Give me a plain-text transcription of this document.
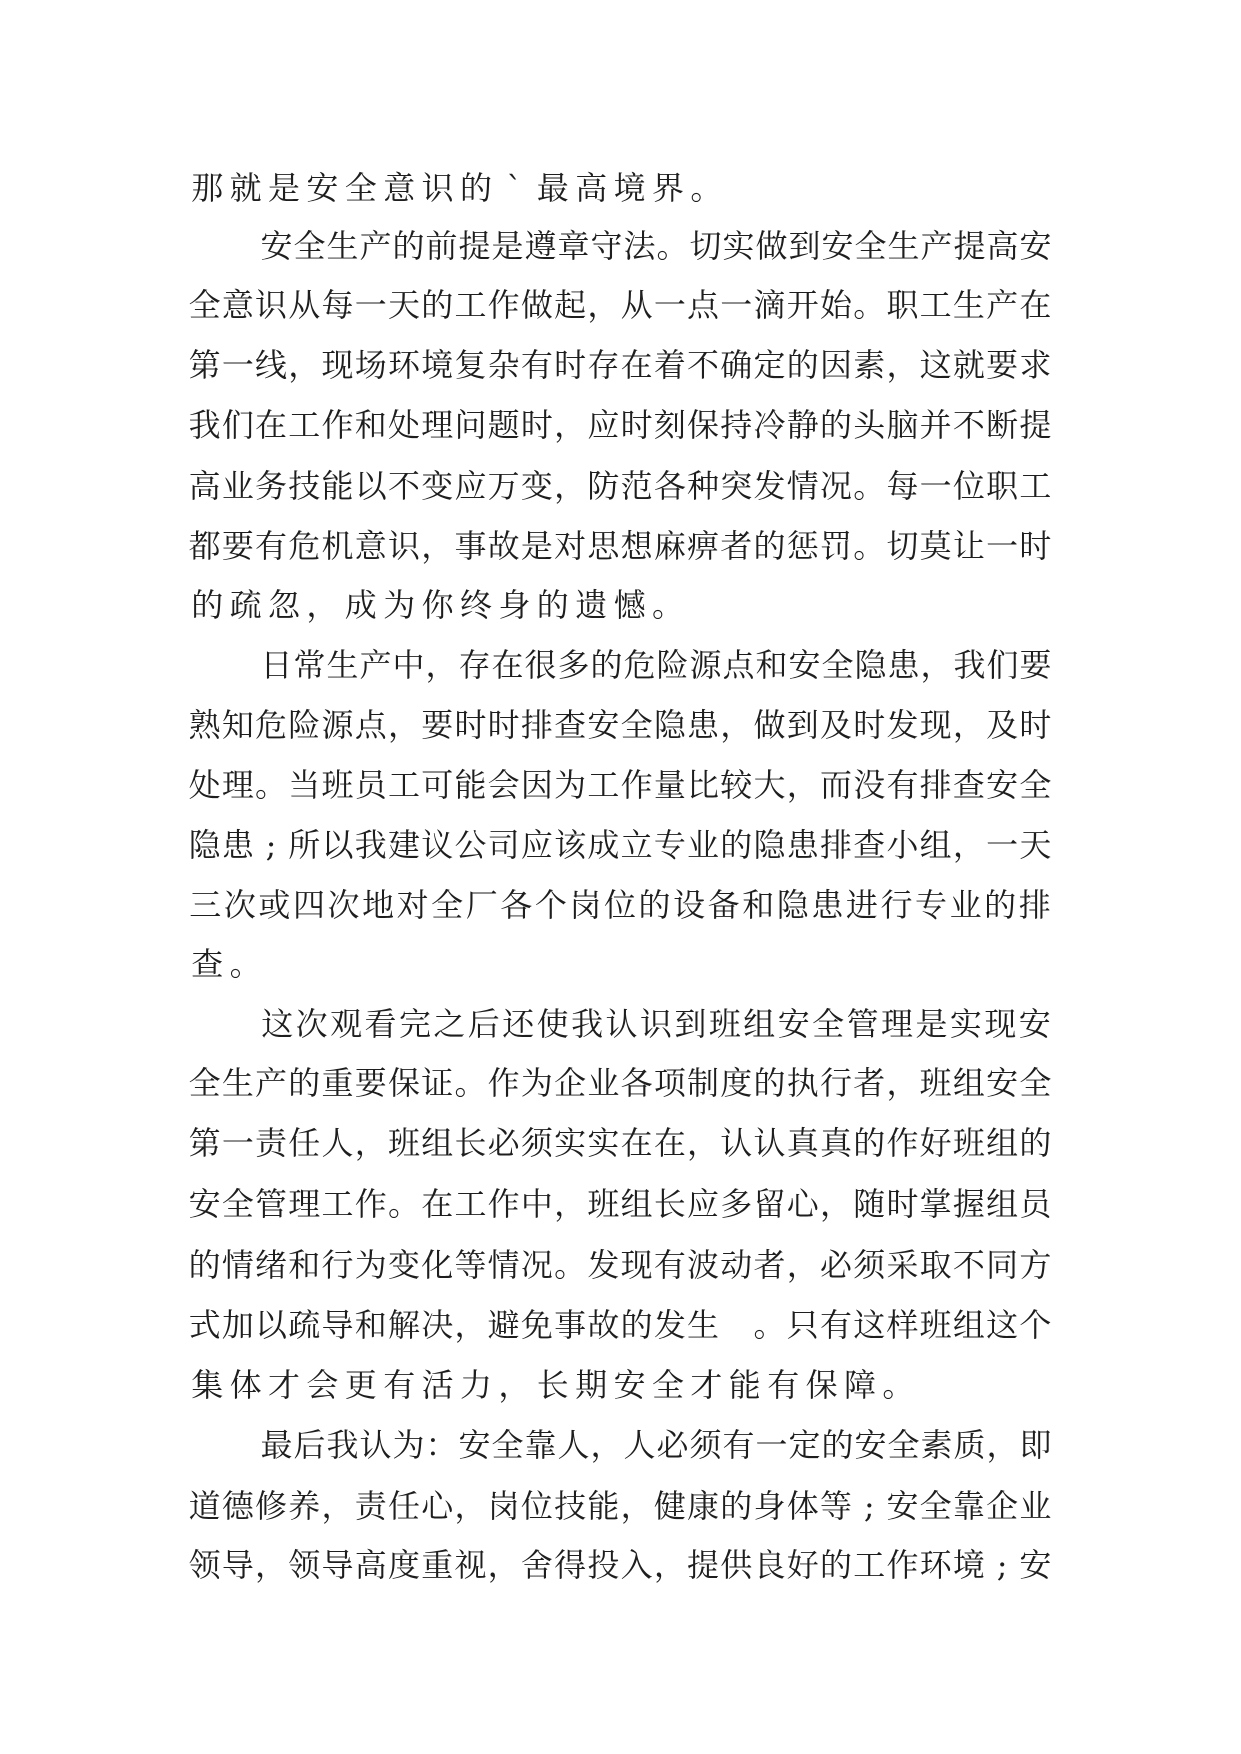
那 就 是 安 全 意 识 的 ` 最 高 境 界 。

安 全 生 产 的 前 提 是 遵 章 守 法 。 切 实 做 到 安 全 生 产 提 高 安

全 意 识 从 每 一 天 的 工 作 做 起 ， 从 一 点 一 滴 开 始 。 职 工 生 产 在

第 一 线 ， 现 场 环 境 复 杂 有 时 存 在 着 不 确 定 的 因 素 ， 这 就 要 求

我 们 在 工 作 和 处 理 问 题 时 ， 应 时 刻 保 持 冷 静 的 头 脑 并 不 断 提

高 业 务 技 能 以 不 变 应 万 变 ， 防 范 各 种 突 发 情 况 。 每 一 位 职 工

都 要 有 危 机 意 识 ， 事 故 是 对 思 想 麻 痹 者 的 惩 罚 。 切 莫 让 一 时

的 疏 忽 ， 成 为 你 终 身 的 遗 憾 。

日 常 生 产 中 ， 存 在 很 多 的 危 险 源 点 和 安 全 隐 患 ， 我 们 要

熟 知 危 险 源 点 ， 要 时 时 排 查 安 全 隐 患 ， 做 到 及 时 发 现 ， 及 时

处 理 。 当 班 员 工 可 能 会 因 为 工 作 量 比 较 大 ， 而 没 有 排 查 安 全

隐 患 ; 所 以 我 建 议 公 司 应 该 成 立 专 业 的 隐 患 排 查 小 组 ， 一 天

三 次 或 四 次 地 对 全 厂 各 个 岗 位 的 设 备 和 隐 患 进 行 专 业 的 排

查 。

这 次 观 看 完 之 后 还 使 我 认 识 到 班 组 安 全 管 理 是 实 现 安

全 生 产 的 重 要 保 证 。 作 为 企 业 各 项 制 度 的 执 行 者 ， 班 组 安 全

第 一 责 任 人 ， 班 组 长 必 须 实 实 在 在 ， 认 认 真 真 的 作 好 班 组 的

安 全 管 理 工 作 。 在 工 作 中 ， 班 组 长 应 多 留 心 ， 随 时 掌 握 组 员

的 情 绪 和 行 为 变 化 等 情 况 。 发 现 有 波 动 者 ， 必 须 采 取 不 同 方

式 加 以 疏 导 和 解 决 ， 避 免 事 故 的 发 生
。 只 有 这 样 班 组 这 个

集 体 才 会 更 有 活 力 ， 长 期 安 全 才 能 有 保 障 。

最 后 我 认 为 ： 安 全 靠 人 ， 人 必 须 有 一 定 的 安 全 素 质 ， 即

道 德 修 养 ， 责 任 心 ， 岗 位 技 能 ， 健 康 的 身 体 等 ; 安 全 靠 企 业

领 导 ， 领 导 高 度 重 视 ， 舍 得 投 入 ， 提 供 良 好 的 工 作 环 境 ; 安
